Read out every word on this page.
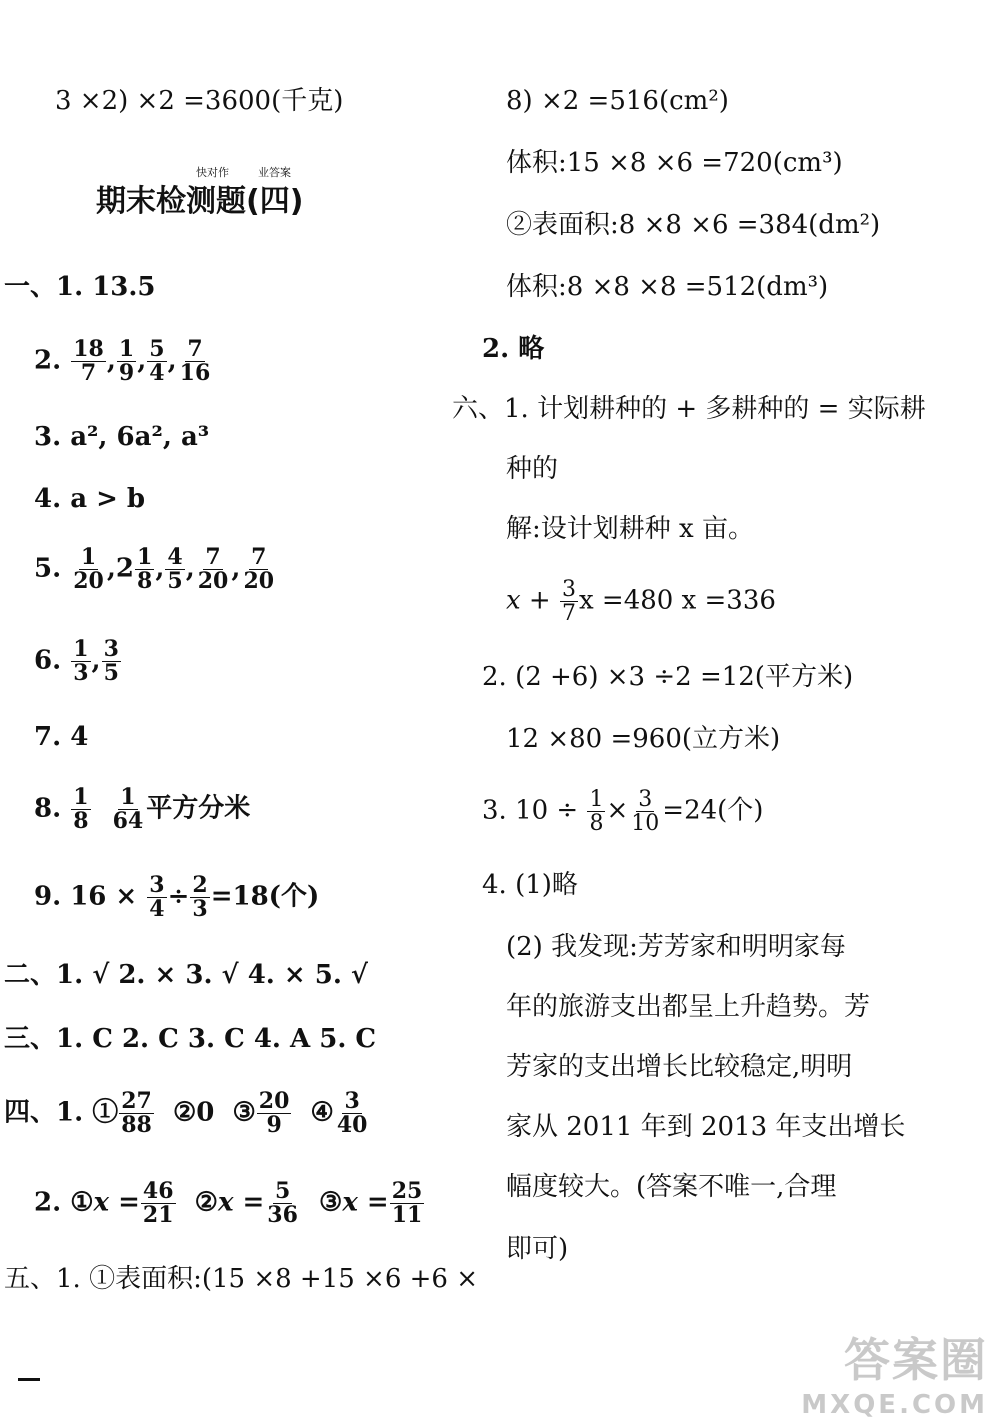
3 ×2) ×2 =3600(千克)
快对作	业答案
期末检测题(四)
一、1. 13.5
2. $\frac{18}{7}$ , $\frac{1}{9}$ , $\frac{5}{4}$ , $\frac{7}{16}$
3. a², 6a², a³
4. a > b
5. $\frac{1}{20} ,2 \frac{1}{8}$ , $\frac{4}{5}$ , $\frac{7}{20}$ , $\frac{7}{20}$
6. $\frac{1}{3}$ , $\frac{3}{5}$
7. 4
8. $\frac{1}{8}$
$\frac{1}{64}$ 平方分米
9. $16 \times \frac{3}{4} \div \frac{2}{3} =18$(个)
二、1. √ 2. × 3. √ 4. × 5. √
三、1. C 2. C 3. C 4. A 5. C
四、1. ① $\frac{27}{88}$ ②0  ③ $\frac{20}{9}$ ④ $\frac{3}{40}$
2. ①x = $\frac{46}{21}$ ②x = $\frac{5}{36}$ ③x = $\frac{25}{11}$
五、1. ①表面积:(15 ×8 +15 ×6 +6 ×
8) ×2 =516(cm²)
体积:15 ×8 ×6 =720(cm³)
②表面积:8 ×8 ×6 =384(dm²)
体积:8 ×8 ×8 =512(dm³)
2. 略
六、1. 计划耕种的 + 多耕种的 = 实际耕
种的
解:设计划耕种 x 亩。
$x + \frac{3}{7}$ x =480 x =336
2. (2 +6) ×3 ÷2 =12(平方米)
12 ×80 =960(立方米)
3. $10 \div \frac{1}{8} \times \frac{3}{10} =24$(个)
4. (1)略
(2) 我发现:芳芳家和明明家每
年的旅游支出都呈上升趋势。芳
芳家的支出增长比较稳定,明明
家从 2011 年到 2013 年支出增长
幅度较大。(答案不唯一,合理
即可)
答案圈
MXQE.COM
